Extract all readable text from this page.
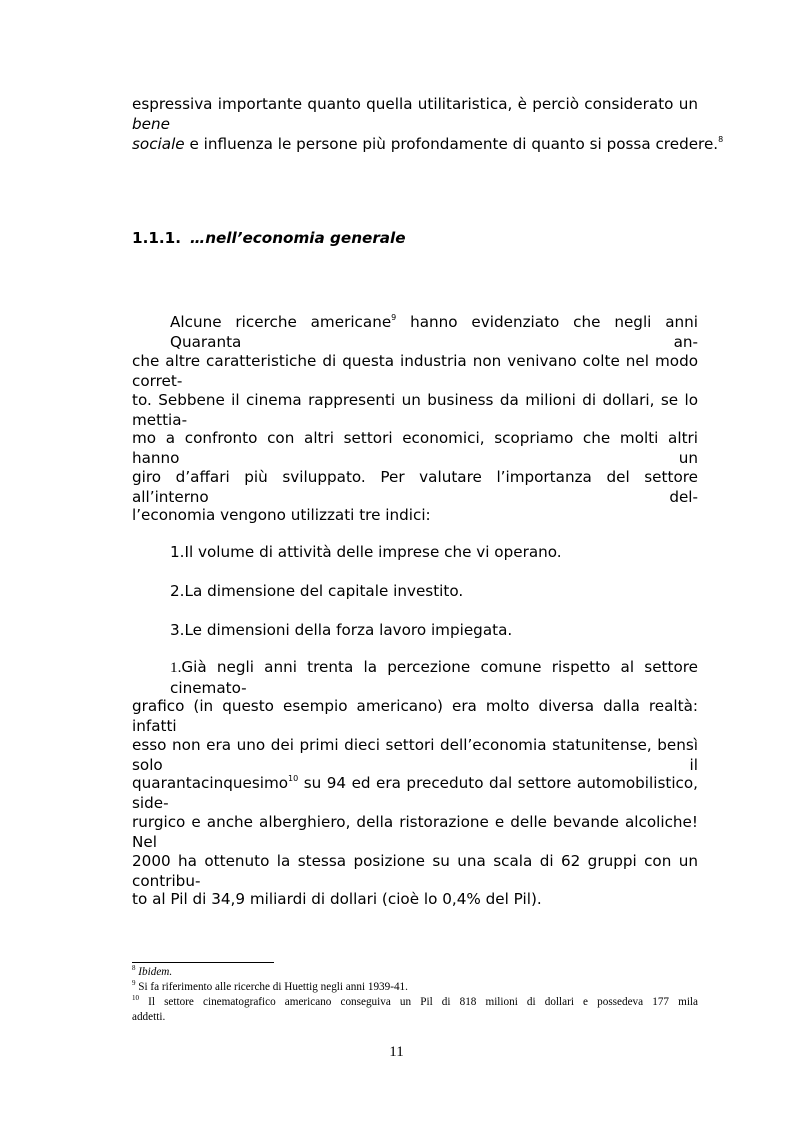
espressiva importante quanto quella utilitaristica, è perciò considerato un bene
sociale e influenza le persone più profondamente di quanto si possa credere.$^8$
1.1.1. …nell’economia generale
Alcune ricerche americane$^9$ hanno evidenziato che negli anni Quaranta an-
che altre caratteristiche di questa industria non venivano colte nel modo corret-
to. Sebbene il cinema rappresenti un business da milioni di dollari, se lo mettia-
mo a confronto con altri settori economici, scopriamo che molti altri hanno un
giro d’affari più sviluppato. Per valutare l’importanza del settore all’interno del-
l’economia vengono utilizzati tre indici:
1.Il volume di attività delle imprese che vi operano.
2.La dimensione del capitale investito.
3.Le dimensioni della forza lavoro impiegata.
1.Già negli anni trenta la percezione comune rispetto al settore cinemato-
grafico (in questo esempio americano) era molto diversa dalla realtà: infatti
esso non era uno dei primi dieci settori dell’economia statunitense, bensì solo il
quarantacinquesimo$^{10}$ su 94 ed era preceduto dal settore automobilistico, side-
rurgico e anche alberghiero, della ristorazione e delle bevande alcoliche! Nel
2000 ha ottenuto la stessa posizione su una scala di 62 gruppi con un contribu-
to al Pil di 34,9 miliardi di dollari (cioè lo 0,4% del Pil).
$^8$ Ibidem.
$^9$ Si fa riferimento alle ricerche di Huettig negli anni 1939-41.
$^{10}$ Il settore cinematografico americano conseguiva un Pil di 818 milioni di dollari e possedeva 177 mila
addetti.
11
